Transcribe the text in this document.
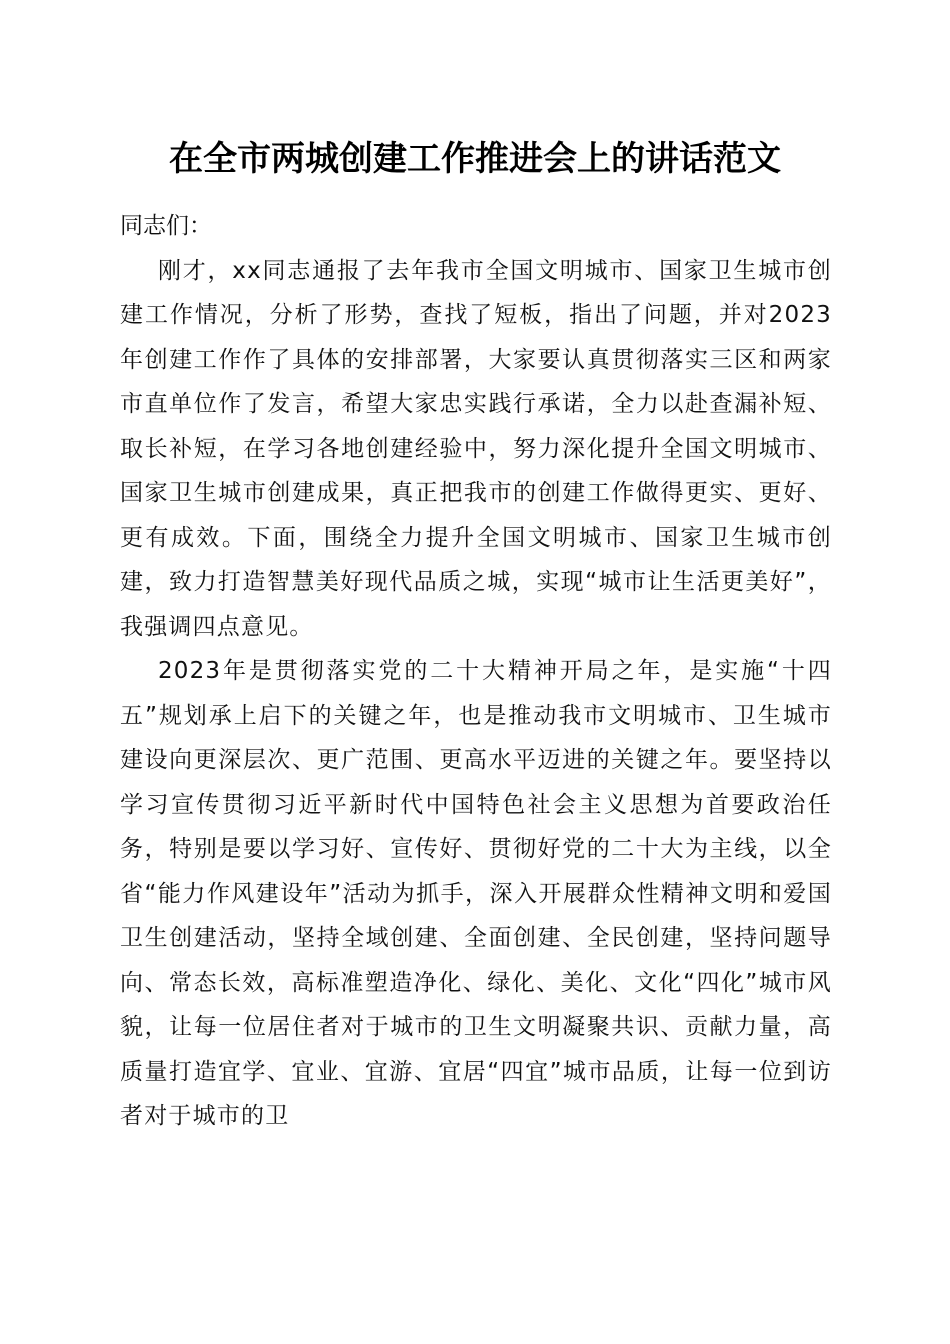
在全市两城创建工作推进会上的讲话范文

同志们：

刚才，xx同志通报了去年我市全国文明城市、国家卫生城市创建工作情况，分析了形势，查找了短板，指出了问题，并对2023年创建工作作了具体的安排部署，大家要认真贯彻落实三区和两家市直单位作了发言，希望大家忠实践行承诺，全力以赴查漏补短、取长补短，在学习各地创建经验中，努力深化提升全国文明城市、国家卫生城市创建成果，真正把我市的创建工作做得更实、更好、更有成效。下面，围绕全力提升全国文明城市、国家卫生城市创建，致力打造智慧美好现代品质之城，实现“城市让生活更美好”，我强调四点意见。

2023年是贯彻落实党的二十大精神开局之年，是实施“十四五”规划承上启下的关键之年，也是推动我市文明城市、卫生城市建设向更深层次、更广范围、更高水平迈进的关键之年。要坚持以学习宣传贯彻习近平新时代中国特色社会主义思想为首要政治任务，特别是要以学习好、宣传好、贯彻好党的二十大为主线，以全省“能力作风建设年”活动为抓手，深入开展群众性精神文明和爱国卫生创建活动，坚持全域创建、全面创建、全民创建，坚持问题导向、常态长效，高标准塑造净化、绿化、美化、文化“四化”城市风貌，让每一位居住者对于城市的卫生文明凝聚共识、贡献力量，高质量打造宜学、宜业、宜游、宜居“四宜”城市品质，让每一位到访者对于城市的卫
